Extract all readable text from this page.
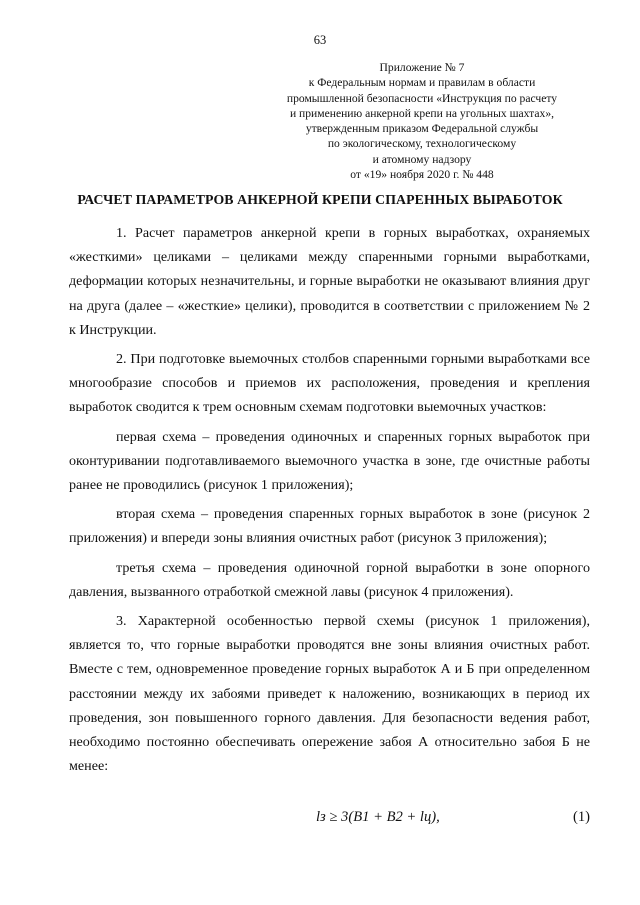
63
Приложение № 7
к Федеральным нормам и правилам в области
промышленной безопасности «Инструкция по расчету
и применению анкерной крепи на угольных шахтах»,
утвержденным приказом Федеральной службы
по экологическому, технологическому
и атомному надзору
от «19» ноября 2020 г. № 448
РАСЧЕТ ПАРАМЕТРОВ АНКЕРНОЙ КРЕПИ СПАРЕННЫХ ВЫРАБОТОК

1. Расчет параметров анкерной крепи в горных выработках, охраняемых «жесткими» целиками – целиками между спаренными горными выработками, деформации которых незначительны, и горные выработки не оказывают влияния друг на друга (далее – «жесткие» целики), проводится в соответствии с приложением № 2 к Инструкции.

2. При подготовке выемочных столбов спаренными горными выработками все многообразие способов и приемов их расположения, проведения и крепления выработок сводится к трем основным схемам подготовки выемочных участков:

первая схема – проведения одиночных и спаренных горных выработок при оконтуривании подготавливаемого выемочного участка в зоне, где очистные работы ранее не проводились (рисунок 1 приложения);

вторая схема – проведения спаренных горных выработок в зоне (рисунок 2 приложения) и впереди зоны влияния очистных работ (рисунок 3 приложения);

третья схема – проведения одиночной горной выработки в зоне опорного давления, вызванного отработкой смежной лавы (рисунок 4 приложения).

3. Характерной особенностью первой схемы (рисунок 1 приложения), является то, что горные выработки проводятся вне зоны влияния очистных работ. Вместе с тем, одновременное проведение горных выработок А и Б при определенном расстоянии между их забоями приведет к наложению, возникающих в период их проведения, зон повышенного горного давления. Для безопасности ведения работ, необходимо постоянно обеспечивать опережение забоя А относительно забоя Б не менее:

lз ≥ 3(B1 + B2 + lц),	(1)
